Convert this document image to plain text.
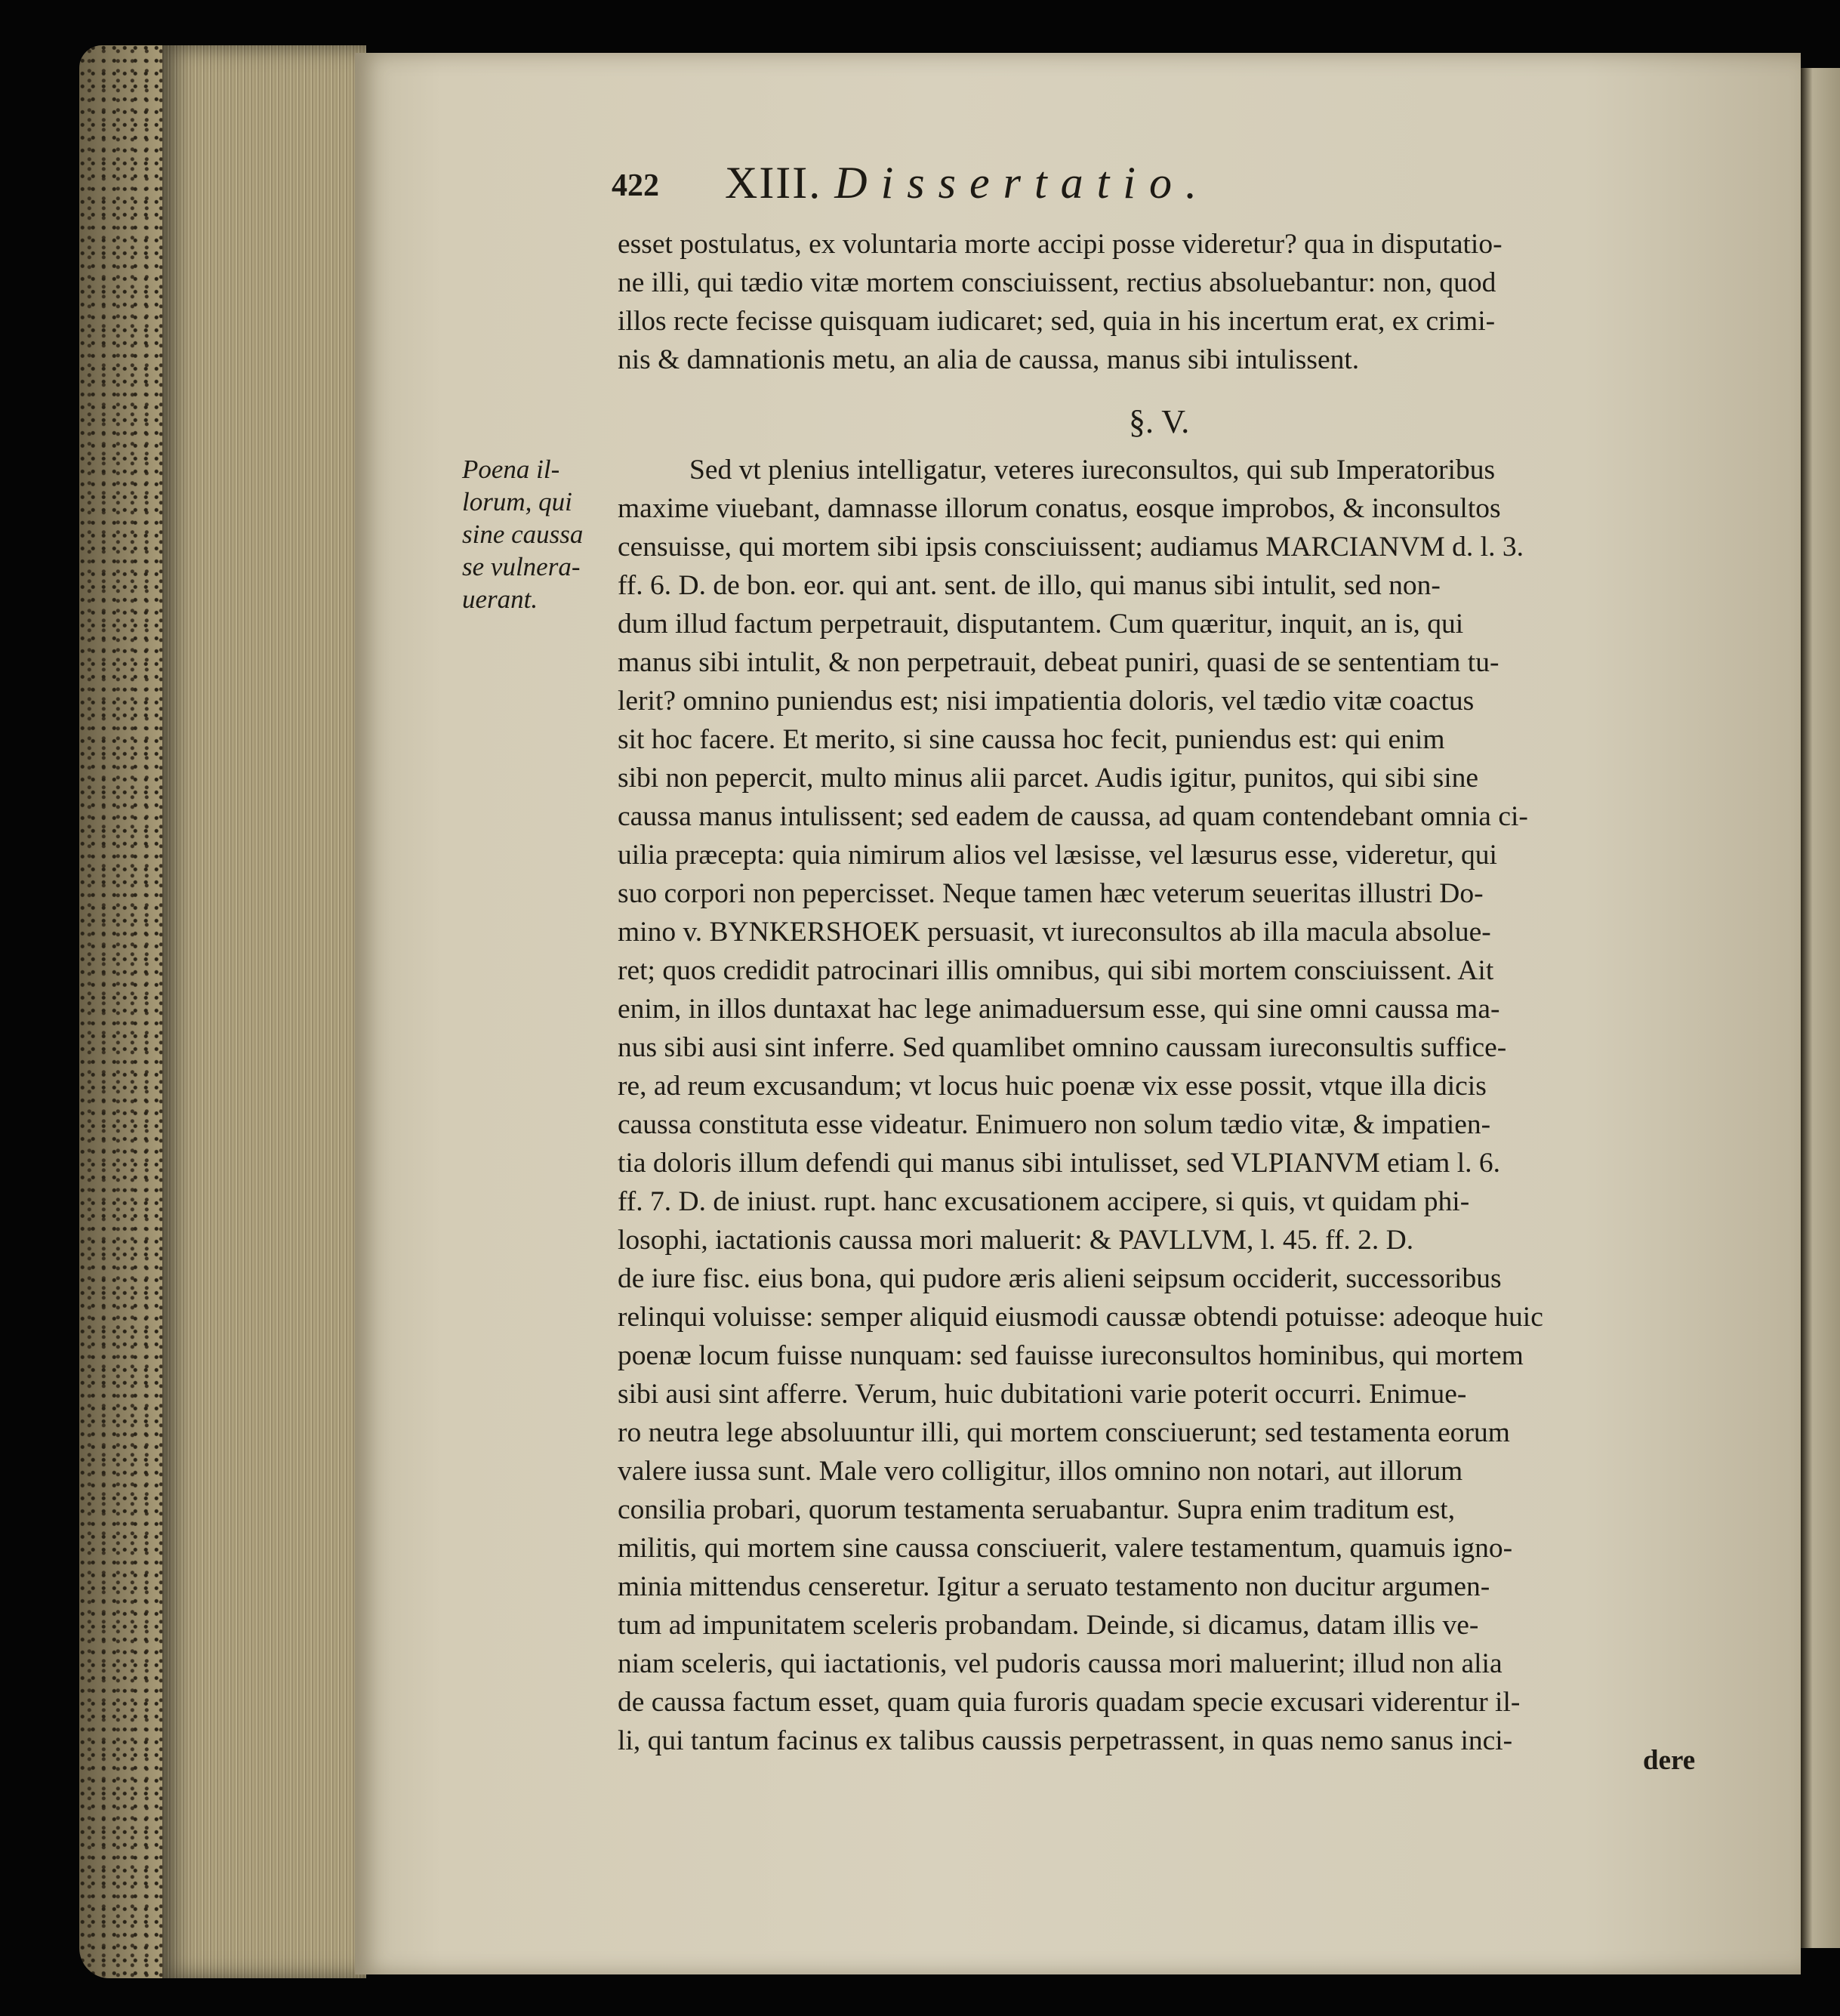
422 XIII. Dissertatio.
esset postulatus, ex voluntaria morte accipi posse videretur? qua in disputatio-
ne illi, qui tædio vitæ mortem consciuissent, rectius absoluebantur: non, quod
illos recte fecisse quisquam iudicaret; sed, quia in his incertum erat, ex crimi-
nis & damnationis metu, an alia de caussa, manus sibi intulissent.
§. V.
Poena il-
lorum, qui
sine caussa
se vulnera-
uerant.
Sed vt plenius intelligatur, veteres iureconsultos, qui sub Imperatoribus
maxime viuebant, damnasse illorum conatus, eosque improbos, & inconsultos
censuisse, qui mortem sibi ipsis consciuissent; audiamus MARCIANVM d. l. 3.
ff. 6. D. de bon. eor. qui ant. sent. de illo, qui manus sibi intulit, sed non-
dum illud factum perpetrauit, disputantem. Cum quæritur, inquit, an is, qui
manus sibi intulit, & non perpetrauit, debeat puniri, quasi de se sententiam tu-
lerit? omnino puniendus est; nisi impatientia doloris, vel tædio vitæ coactus
sit hoc facere. Et merito, si sine caussa hoc fecit, puniendus est: qui enim
sibi non pepercit, multo minus alii parcet. Audis igitur, punitos, qui sibi sine
caussa manus intulissent; sed eadem de caussa, ad quam contendebant omnia ci-
uilia præcepta: quia nimirum alios vel læsisse, vel læsurus esse, videretur, qui
suo corpori non pepercisset. Neque tamen hæc veterum seueritas illustri Do-
mino v. BYNKERSHOEK persuasit, vt iureconsultos ab illa macula absolue-
ret; quos credidit patrocinari illis omnibus, qui sibi mortem consciuissent. Ait
enim, in illos duntaxat hac lege animaduersum esse, qui sine omni caussa ma-
nus sibi ausi sint inferre. Sed quamlibet omnino caussam iureconsultis suffice-
re, ad reum excusandum; vt locus huic poenæ vix esse possit, vtque illa dicis
caussa constituta esse videatur. Enimuero non solum tædio vitæ, & impatien-
tia doloris illum defendi qui manus sibi intulisset, sed VLPIANVM etiam l. 6.
ff. 7. D. de iniust. rupt. hanc excusationem accipere, si quis, vt quidam phi-
losophi, iactationis caussa mori maluerit: & PAVLLVM, l. 45. ff. 2. D.
de iure fisc. eius bona, qui pudore æris alieni seipsum occiderit, successoribus
relinqui voluisse: semper aliquid eiusmodi caussæ obtendi potuisse: adeoque huic
poenæ locum fuisse nunquam: sed fauisse iureconsultos hominibus, qui mortem
sibi ausi sint afferre. Verum, huic dubitationi varie poterit occurri. Enimue-
ro neutra lege absoluuntur illi, qui mortem consciuerunt; sed testamenta eorum
valere iussa sunt. Male vero colligitur, illos omnino non notari, aut illorum
consilia probari, quorum testamenta seruabantur. Supra enim traditum est,
militis, qui mortem sine caussa consciuerit, valere testamentum, quamuis igno-
minia mittendus censeretur. Igitur a seruato testamento non ducitur argumen-
tum ad impunitatem sceleris probandam. Deinde, si dicamus, datam illis ve-
niam sceleris, qui iactationis, vel pudoris caussa mori maluerint; illud non alia
de caussa factum esset, quam quia furoris quadam specie excusari viderentur il-
li, qui tantum facinus ex talibus caussis perpetrassent, in quas nemo sanus inci-
dere
